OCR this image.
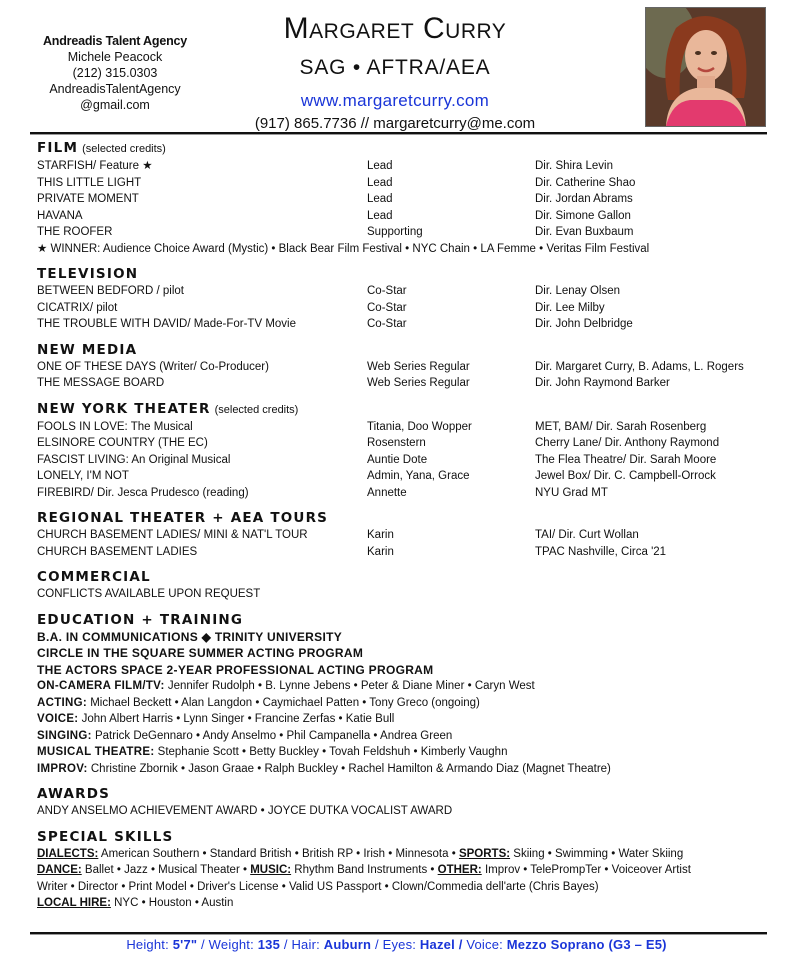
Andreadis Talent Agency
Michele Peacock
(212) 315.0303
AndreadisTalentAgency
@gmail.com
Margaret Curry
SAG • AFTRA/AEA
www.margaretcurry.com
(917) 865.7736 // margaretcurry@me.com
FILM (selected credits)
STARFISH/ Feature ★	Lead	Dir. Shira Levin
THIS LITTLE LIGHT	Lead	Dir. Catherine Shao
PRIVATE MOMENT	Lead	Dir. Jordan Abrams
HAVANA	Lead	Dir. Simone Gallon
THE ROOFER	Supporting	Dir. Evan Buxbaum
★ WINNER: Audience Choice Award (Mystic) • Black Bear Film Festival • NYC Chain • LA Femme • Veritas Film Festival
TELEVISION
BETWEEN BEDFORD / pilot	Co-Star	Dir. Lenay Olsen
CICATRIX/ pilot	Co-Star	Dir. Lee Milby
THE TROUBLE WITH DAVID/ Made-For-TV Movie	Co-Star	Dir. John Delbridge
NEW MEDIA
ONE OF THESE DAYS (Writer/ Co-Producer)	Web Series Regular	Dir. Margaret Curry, B. Adams, L. Rogers
THE MESSAGE BOARD	Web Series Regular	Dir. John Raymond Barker
NEW YORK THEATER (selected credits)
FOOLS IN LOVE: The Musical	Titania, Doo Wopper	MET, BAM/ Dir. Sarah Rosenberg
ELSINORE COUNTRY (THE EC)	Rosenstern	Cherry Lane/ Dir. Anthony Raymond
FASCIST LIVING: An Original Musical	Auntie Dote	The Flea Theatre/ Dir. Sarah Moore
LONELY, I'M NOT	Admin, Yana, Grace	Jewel Box/ Dir. C. Campbell-Orrock
FIREBIRD/ Dir. Jesca Prudesco (reading)	Annette	NYU Grad MT
REGIONAL THEATER + AEA TOURS
CHURCH BASEMENT LADIES/ MINI & NAT'L TOUR	Karin	TAI/ Dir. Curt Wollan
CHURCH BASEMENT LADIES	Karin	TPAC Nashville, Circa '21
COMMERCIAL
CONFLICTS AVAILABLE UPON REQUEST
EDUCATION + TRAINING
B.A. IN COMMUNICATIONS ◆ TRINITY UNIVERSITY
CIRCLE IN THE SQUARE SUMMER ACTING PROGRAM
THE ACTORS SPACE 2-YEAR PROFESSIONAL ACTING PROGRAM
ON-CAMERA FILM/TV: Jennifer Rudolph • B. Lynne Jebens • Peter & Diane Miner • Caryn West
ACTING: Michael Beckett • Alan Langdon • Caymichael Patten • Tony Greco (ongoing)
VOICE: John Albert Harris • Lynn Singer • Francine Zerfas • Katie Bull
SINGING: Patrick DeGennaro • Andy Anselmo • Phil Campanella • Andrea Green
MUSICAL THEATRE: Stephanie Scott • Betty Buckley • Tovah Feldshuh • Kimberly Vaughn
IMPROV: Christine Zbornik • Jason Graae • Ralph Buckley • Rachel Hamilton & Armando Diaz (Magnet Theatre)
AWARDS
ANDY ANSELMO ACHIEVEMENT AWARD • JOYCE DUTKA VOCALIST AWARD
SPECIAL SKILLS
DIALECTS: American Southern • Standard British • British RP • Irish • Minnesota • SPORTS: Skiing • Swimming • Water Skiing
DANCE: Ballet • Jazz • Musical Theater • MUSIC: Rhythm Band Instruments • OTHER: Improv • TelePrompTer • Voiceover Artist
Writer • Director • Print Model • Driver's License • Valid US Passport • Clown/Commedia dell'arte (Chris Bayes)
LOCAL HIRE: NYC • Houston • Austin
Height: 5'7" / Weight: 135 / Hair: Auburn / Eyes: Hazel / Voice: Mezzo Soprano (G3 – E5)
